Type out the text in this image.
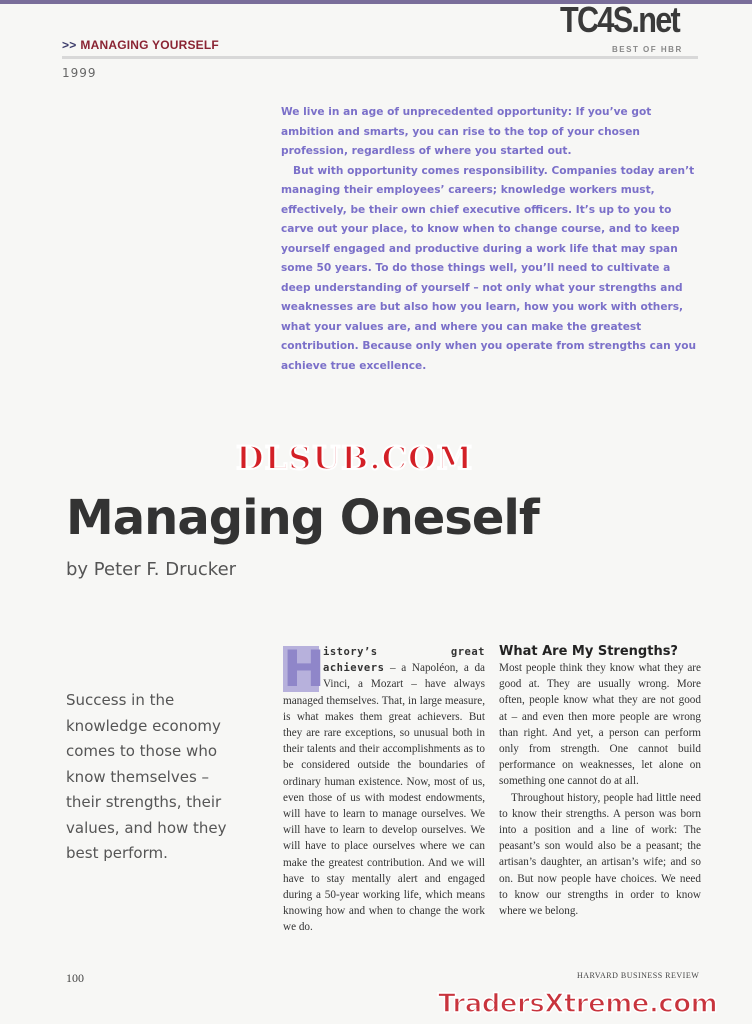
>> MANAGING YOURSELF	BEST OF HBR
1999

We live in an age of unprecedented opportunity: If you’ve got ambition and smarts, you can rise to the top of your chosen profession, regardless of where you started out.

But with opportunity comes responsibility. Companies today aren’t managing their employees’ careers; knowledge workers must, effectively, be their own chief executive officers. It’s up to you to carve out your place, to know when to change course, and to keep yourself engaged and productive during a work life that may span some 50 years. To do those things well, you’ll need to cultivate a deep understanding of yourself – not only what your strengths and weaknesses are but also how you learn, how you work with others, what your values are, and where you can make the greatest contribution. Because only when you operate from strengths can you achieve true excellence.

Managing Oneself
by Peter F. Drucker
Success in the knowledge economy comes to those who know themselves – their strengths, their values, and how they best perform.
H

istory’s great achievers – a Napoléon, a da Vinci, a Mozart – have always managed themselves. That, in large measure, is what makes them great achievers. But they are rare exceptions, so unusual both in their talents and their accomplishments as to be considered outside the boundaries of ordinary human existence. Now, most of us, even those of us with modest endowments, will have to learn to manage ourselves. We will have to learn to develop ourselves. We will have to place ourselves where we can make the greatest contribution. And we will have to stay mentally alert and engaged during a 50-year working life, which means knowing how and when to change the work we do.

What Are My Strengths?

Most people think they know what they are good at. They are usually wrong. More often, people know what they are not good at – and even then more people are wrong than right. And yet, a person can perform only from strength. One cannot build performance on weaknesses, let alone on something one cannot do at all.

Throughout history, people had little need to know their strengths. A person was born into a position and a line of work: The peasant’s son would also be a peasant; the artisan’s daughter, an artisan’s wife; and so on. But now people have choices. We need to know our strengths in order to know where we belong.

100	HARVARD BUSINESS REVIEW
TC4S.net
DLSUB.COM
TradersXtreme.com
